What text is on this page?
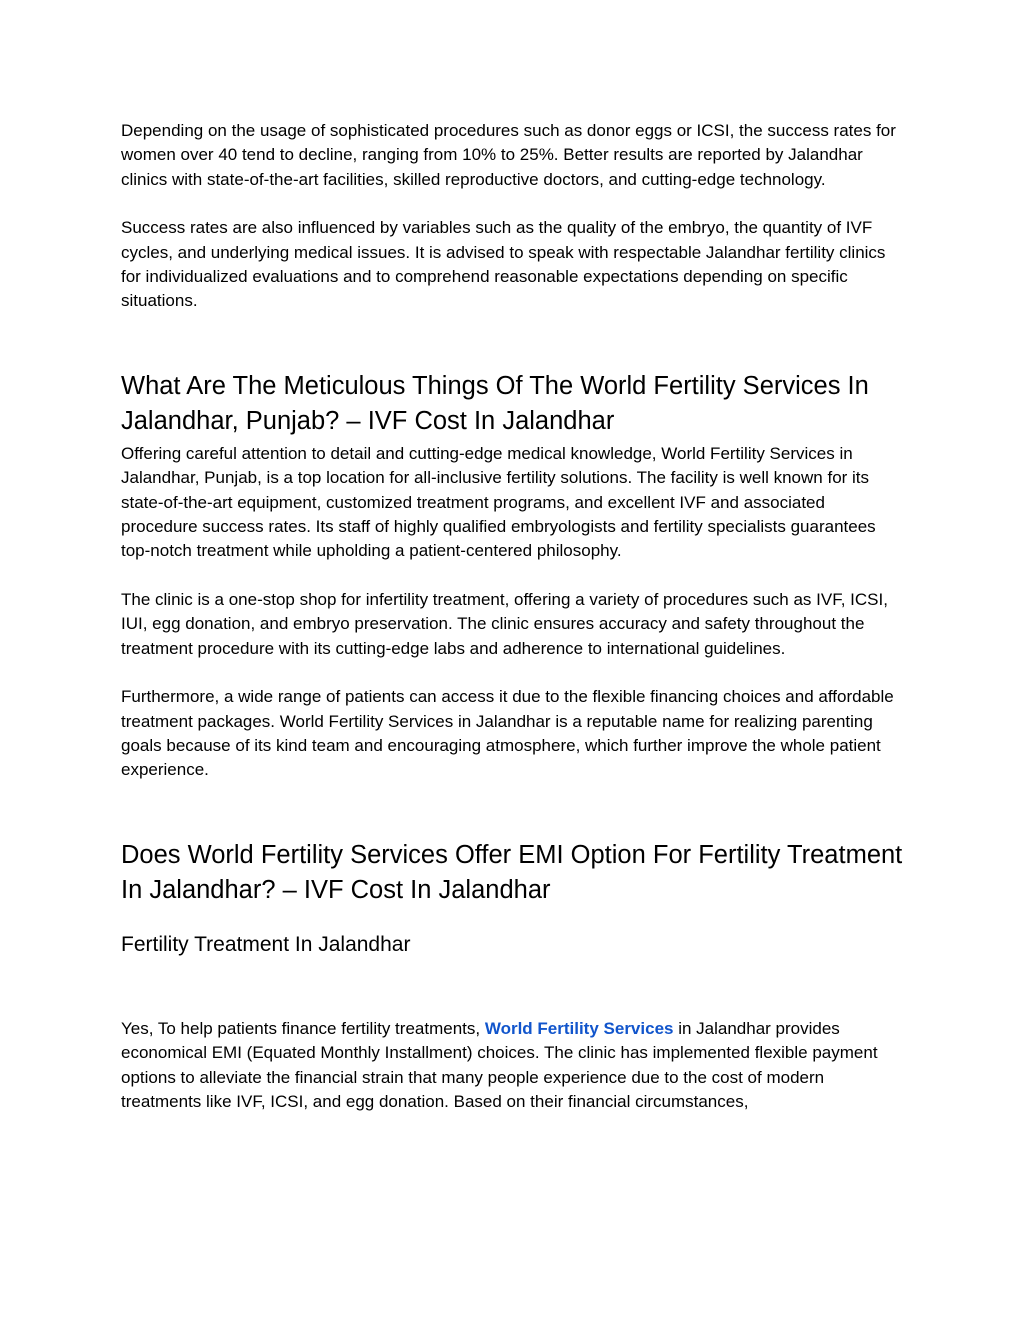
Depending on the usage of sophisticated procedures such as donor eggs or ICSI, the success rates for women over 40 tend to decline, ranging from 10% to 25%. Better results are reported by Jalandhar clinics with state-of-the-art facilities, skilled reproductive doctors, and cutting-edge technology.

Success rates are also influenced by variables such as the quality of the embryo, the quantity of IVF cycles, and underlying medical issues. It is advised to speak with respectable Jalandhar fertility clinics for individualized evaluations and to comprehend reasonable expectations depending on specific situations.

What Are The Meticulous Things Of The World Fertility Services In Jalandhar, Punjab? – IVF Cost In Jalandhar

Offering careful attention to detail and cutting-edge medical knowledge, World Fertility Services in Jalandhar, Punjab, is a top location for all-inclusive fertility solutions. The facility is well known for its state-of-the-art equipment, customized treatment programs, and excellent IVF and associated procedure success rates. Its staff of highly qualified embryologists and fertility specialists guarantees top-notch treatment while upholding a patient-centered philosophy.

The clinic is a one-stop shop for infertility treatment, offering a variety of procedures such as IVF, ICSI, IUI, egg donation, and embryo preservation. The clinic ensures accuracy and safety throughout the treatment procedure with its cutting-edge labs and adherence to international guidelines.

Furthermore, a wide range of patients can access it due to the flexible financing choices and affordable treatment packages. World Fertility Services in Jalandhar is a reputable name for realizing parenting goals because of its kind team and encouraging atmosphere, which further improve the whole patient experience.

Does World Fertility Services Offer EMI Option For Fertility Treatment In Jalandhar? – IVF Cost In Jalandhar
Fertility Treatment In Jalandhar

Yes, To help patients finance fertility treatments, World Fertility Services in Jalandhar provides economical EMI (Equated Monthly Installment) choices. The clinic has implemented flexible payment options to alleviate the financial strain that many people experience due to the cost of modern treatments like IVF, ICSI, and egg donation. Based on their financial circumstances,
